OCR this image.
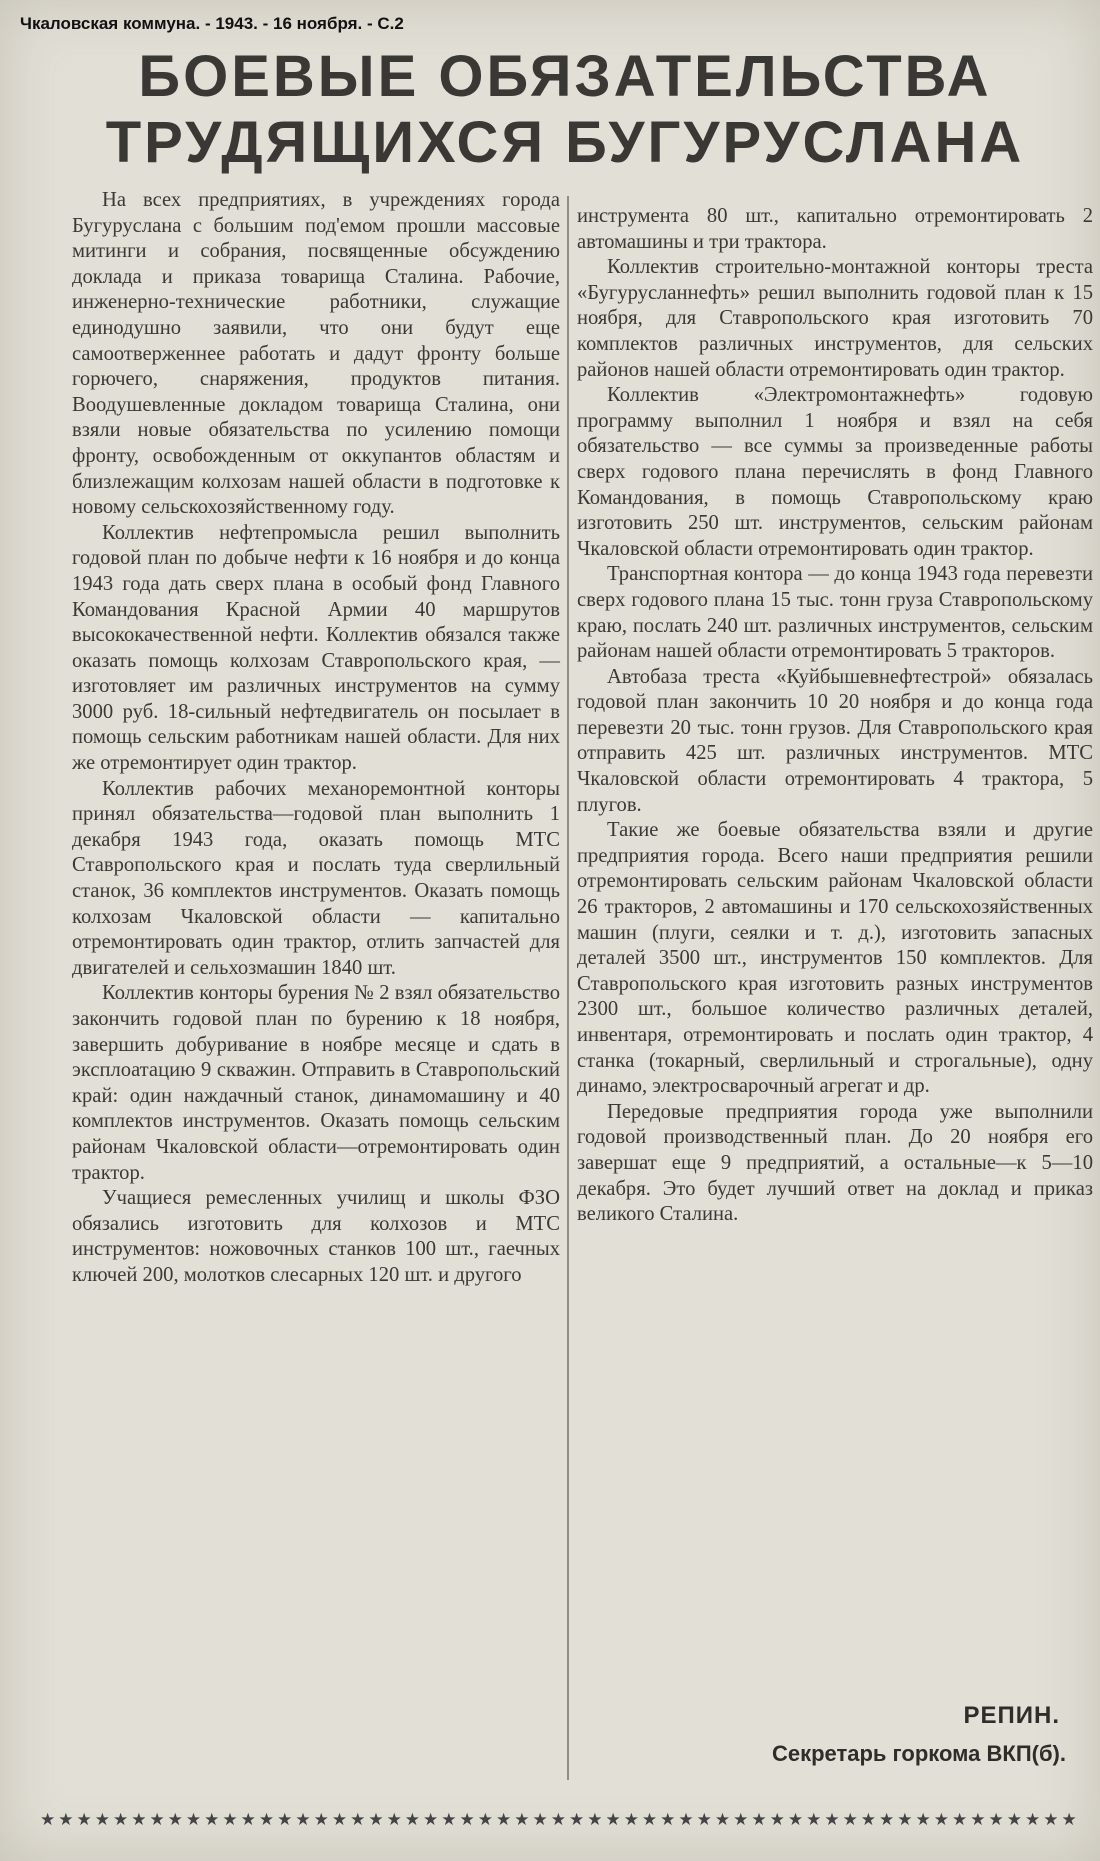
Чкаловская коммуна. - 1943. - 16 ноября. - С.2
БОЕВЫЕ ОБЯЗАТЕЛЬСТВА
ТРУДЯЩИХСЯ БУГУРУСЛАНА

На всех предприятиях, в учреждениях города Бугуруслана с большим под'емом прошли массовые митинги и собрания, посвященные обсуждению доклада и приказа товарища Сталина. Рабочие, инженерно-технические работники, служащие единодушно заявили, что они будут еще самоотверженнее работать и дадут фронту больше горючего, снаряжения, продуктов питания. Воодушевленные докладом товарища Сталина, они взяли новые обязательства по усилению помощи фронту, освобожденным от оккупантов областям и близлежащим колхозам нашей области в подготовке к новому сельскохозяйственному году.

Коллектив нефтепромысла решил выполнить годовой план по добыче нефти к 16 ноября и до конца 1943 года дать сверх плана в особый фонд Главного Командования Красной Армии 40 маршрутов высококачественной нефти. Коллектив обязался также оказать помощь колхозам Ставропольского края, — изготовляет им различных инструментов на сумму 3000 руб. 18-сильный нефтедвигатель он посылает в помощь сельским работникам нашей области. Для них же отремонтирует один трактор.

Коллектив рабочих механоремонтной конторы принял обязательства—годовой план выполнить 1 декабря 1943 года, оказать помощь МТС Ставропольского края и послать туда сверлильный станок, 36 комплектов инструментов. Оказать помощь колхозам Чкаловской области — капитально отремонтировать один трактор, отлить запчастей для двигателей и сельхозмашин 1840 шт.

Коллектив конторы бурения № 2 взял обязательство закончить годовой план по бурению к 18 ноября, завершить добуривание в ноябре месяце и сдать в эксплоатацию 9 скважин. Отправить в Ставропольский край: один наждачный станок, динамомашину и 40 комплектов инструментов. Оказать помощь сельским районам Чкаловской области—отремонтировать один трактор.

Учащиеся ремесленных училищ и школы ФЗО обязались изготовить для колхозов и МТС инструментов: ножовочных станков 100 шт., гаечных ключей 200, молотков слесарных 120 шт. и другого

инструмента 80 шт., капитально отремонтировать 2 автомашины и три трактора.

Коллектив строительно-монтажной конторы треста «Бугурусланнефть» решил выполнить годовой план к 15 ноября, для Ставропольского края изготовить 70 комплектов различных инструментов, для сельских районов нашей области отремонтировать один трактор.

Коллектив «Электромонтажнефть» годовую программу выполнил 1 ноября и взял на себя обязательство — все суммы за произведенные работы сверх годового плана перечислять в фонд Главного Командования, в помощь Ставропольскому краю изготовить 250 шт. инструментов, сельским районам Чкаловской области отремонтировать один трактор.

Транспортная контора — до конца 1943 года перевезти сверх годового плана 15 тыс. тонн груза Ставропольскому краю, послать 240 шт. различных инструментов, сельским районам нашей области отремонтировать 5 тракторов.

Автобаза треста «Куйбышевнефтестрой» обязалась годовой план закончить 10 20 ноября и до конца года перевезти 20 тыс. тонн грузов. Для Ставропольского края отправить 425 шт. различных инструментов. МТС Чкаловской области отремонтировать 4 трактора, 5 плугов.

Такие же боевые обязательства взяли и другие предприятия города. Всего наши предприятия решили отремонтировать сельским районам Чкаловской области 26 тракторов, 2 автомашины и 170 сельскохозяйственных машин (плуги, сеялки и т. д.), изготовить запасных деталей 3500 шт., инструментов 150 комплектов. Для Ставропольского края изготовить разных инструментов 2300 шт., большое количество различных деталей, инвентаря, отремонтировать и послать один трактор, 4 станка (токарный, сверлильный и строгальные), одну динамо, электросварочный агрегат и др.

Передовые предприятия города уже выполнили годовой производственный план. До 20 ноября его завершат еще 9 предприятий, а остальные—к 5—10 декабря. Это будет лучший ответ на доклад и приказ великого Сталина.

РЕПИН.
Секретарь горкома ВКП(б).
★★★★★★★★★★★★★★★★★★★★★★★★★★★★★★★★★★★★★★★★★★★★★★★★★★★★★★★★★
